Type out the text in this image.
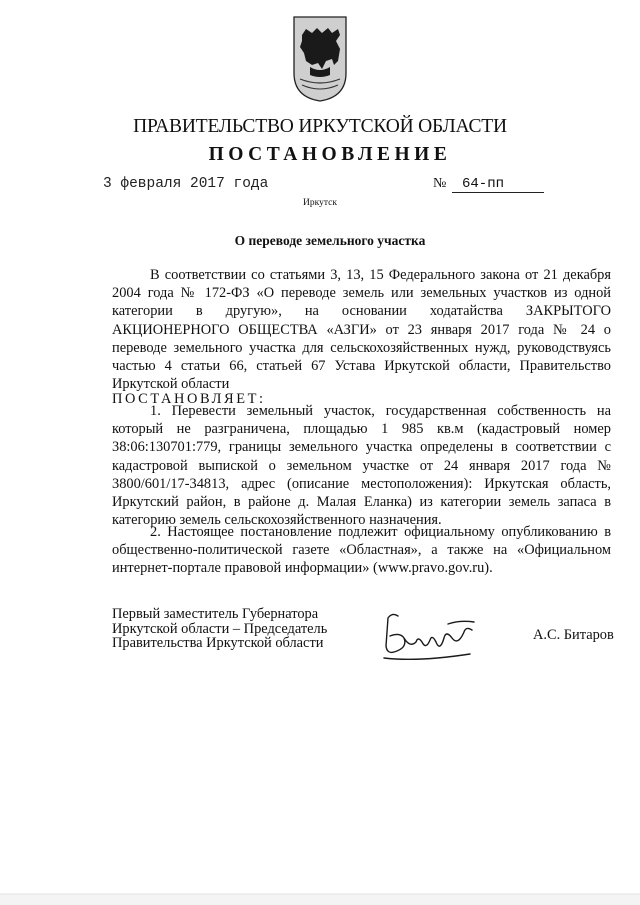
ПРАВИТЕЛЬСТВО ИРКУТСКОЙ ОБЛАСТИ
ПОСТАНОВЛЕНИЕ
3 февраля 2017 года	№	64-пп
Иркутск
О переводе земельного участка
В соответствии со статьями 3, 13, 15 Федерального закона от 21 декабря 2004 года № 172-ФЗ «О переводе земель или земельных участков из одной категории в другую», на основании ходатайства ЗАКРЫТОГО АКЦИОНЕРНОГО ОБЩЕСТВА «АЗГИ» от 23 января 2017 года № 24 о переводе земельного участка для сельскохозяйственных нужд, руководствуясь частью 4 статьи 66, статьей 67 Устава Иркутской области, Правительство Иркутской области
ПОСТАНОВЛЯЕТ:
1. Перевести земельный участок, государственная собственность на который не разграничена, площадью 1 985 кв.м (кадастровый номер 38:06:130701:779, границы земельного участка определены в соответствии с кадастровой выпиской о земельном участке от 24 января 2017 года № 3800/601/17-34813, адрес (описание местоположения): Иркутская область, Иркутский район, в районе д. Малая Еланка) из категории земель запаса в категорию земель сельскохозяйственного назначения.
2. Настоящее постановление подлежит официальному опубликованию в общественно-политической газете «Областная», а также на «Официальном интернет-портале правовой информации» (www.pravo.gov.ru).
Первый заместитель Губернатора
Иркутской области – Председатель
Правительства Иркутской области
А.С. Битаров
